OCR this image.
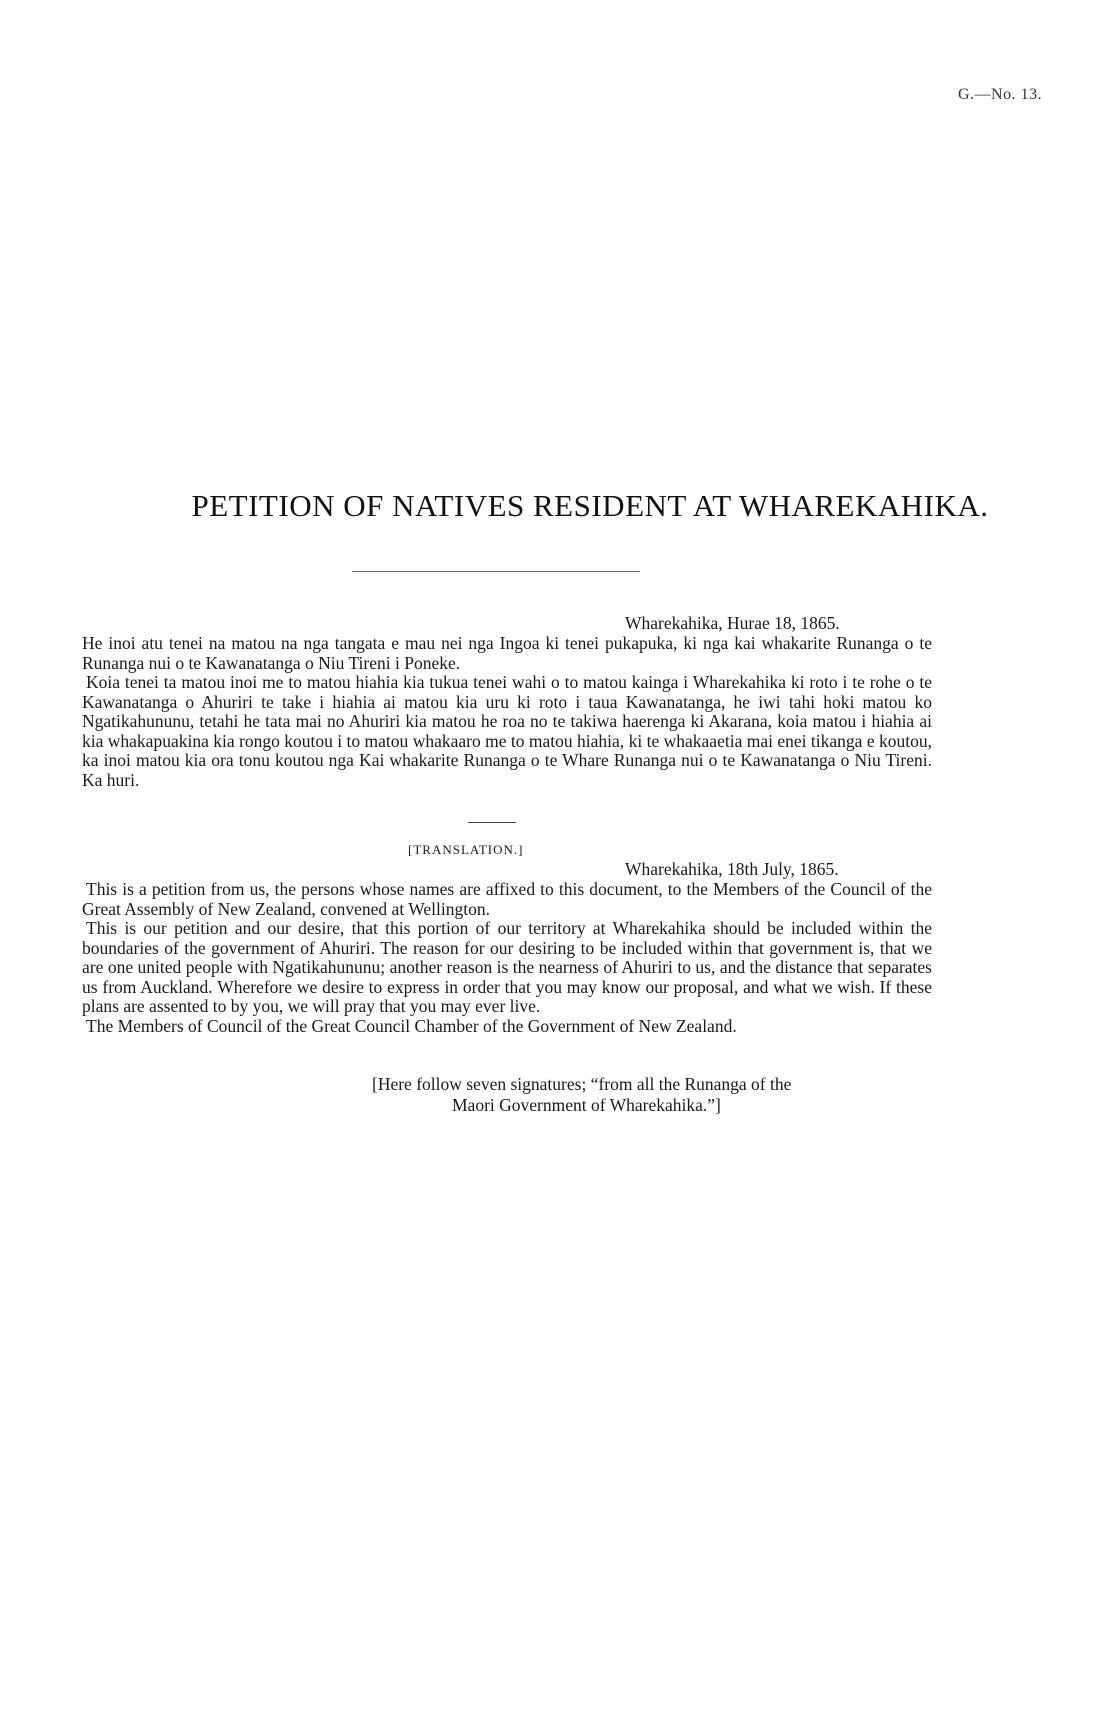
G.—No. 13.
PETITION OF NATIVES RESIDENT AT WHAREKAHIKA.
Wharekahika, Hurae 18, 1865.

He inoi atu tenei na matou na nga tangata e mau nei nga Ingoa ki tenei pukapuka, ki nga kai whakarite Runanga o te Runanga nui o te Kawanatanga o Niu Tireni i Poneke.

Koia tenei ta matou inoi me to matou hiahia kia tukua tenei wahi o to matou kainga i Wharekahika ki roto i te rohe o te Kawanatanga o Ahuriri te take i hiahia ai matou kia uru ki roto i taua Kawanatanga, he iwi tahi hoki matou ko Ngatikahununu, tetahi he tata mai no Ahuriri kia matou he roa no te takiwa haerenga ki Akarana, koia matou i hiahia ai kia whakapuakina kia rongo koutou i to matou whakaaro me to matou hiahia, ki te whakaaetia mai enei tikanga e koutou, ka inoi matou kia ora tonu koutou nga Kai whakarite Runanga o te Whare Runanga nui o te Kawanatanga o Niu Tireni. Ka huri.

[TRANSLATION.]
Wharekahika, 18th July, 1865.

This is a petition from us, the persons whose names are affixed to this document, to the Members of the Council of the Great Assembly of New Zealand, convened at Wellington.

This is our petition and our desire, that this portion of our territory at Wharekahika should be included within the boundaries of the government of Ahuriri. The reason for our desiring to be included within that government is, that we are one united people with Ngatikahununu; another reason is the nearness of Ahuriri to us, and the distance that separates us from Auckland. Wherefore we desire to express in order that you may know our proposal, and what we wish. If these plans are assented to by you, we will pray that you may ever live.

The Members of Council of the Great Council Chamber of the Government of New Zealand.

[Here follow seven signatures; “from all the Runanga of the
Maori Government of Wharekahika.”]
